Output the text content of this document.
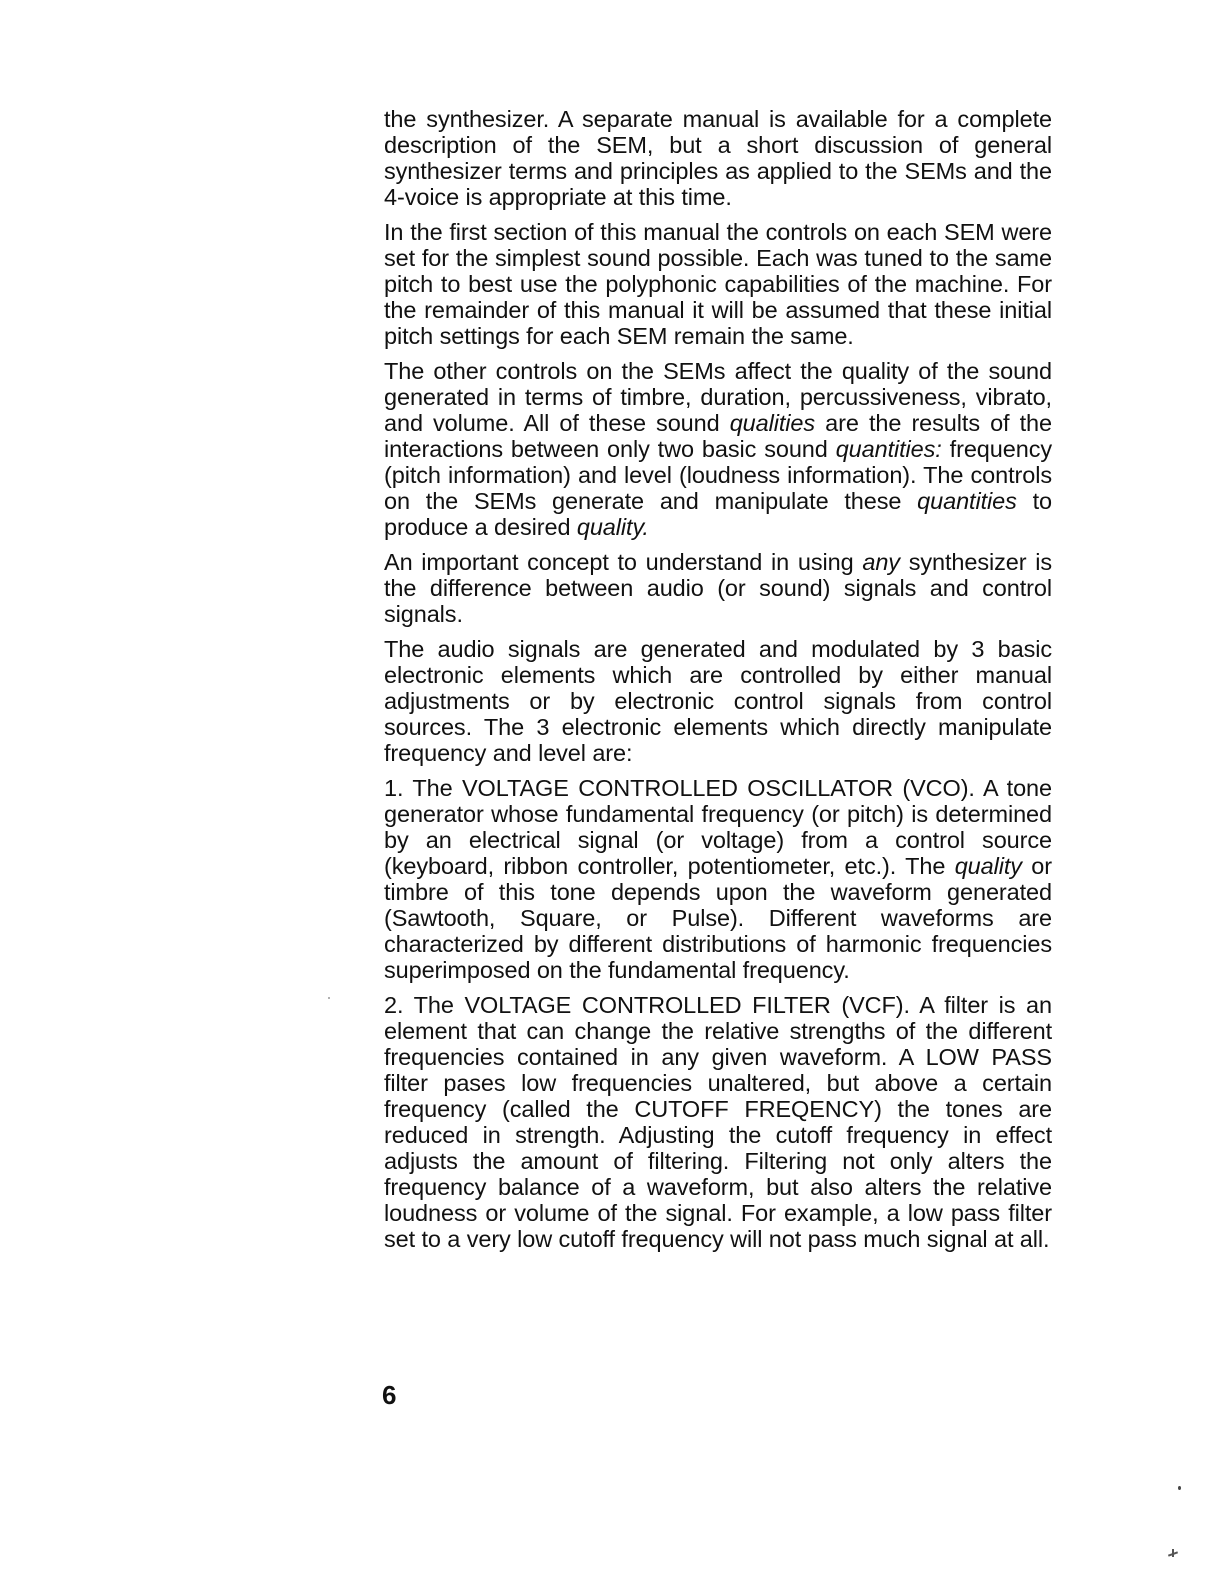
the synthesizer. A separate manual is available for a complete description of the SEM, but a short discussion of general synthesizer terms and principles as applied to the SEMs and the 4-voice is appropriate at this time.

In the first section of this manual the controls on each SEM were set for the simplest sound possible. Each was tuned to the same pitch to best use the polyphonic capabilities of the machine. For the remainder of this manual it will be assumed that these initial pitch settings for each SEM remain the same.

The other controls on the SEMs affect the quality of the sound generated in terms of timbre, duration, percussiveness, vibrato, and volume. All of these sound qualities are the results of the interactions between only two basic sound quantities: frequency (pitch information) and level (loudness information). The controls on the SEMs generate and manipulate these quantities to produce a desired quality.

An important concept to understand in using any synthesizer is the difference between audio (or sound) signals and control signals.

The audio signals are generated and modulated by 3 basic electronic elements which are controlled by either manual adjustments or by electronic control signals from control sources. The 3 electronic elements which directly manipulate frequency and level are:

1. The VOLTAGE CONTROLLED OSCILLATOR (VCO). A tone generator whose fundamental frequency (or pitch) is determined by an electrical signal (or voltage) from a control source (keyboard, ribbon controller, potentiometer, etc.). The quality or timbre of this tone depends upon the waveform generated (Sawtooth, Square, or Pulse). Different waveforms are characterized by different distributions of harmonic frequencies superimposed on the fundamental frequency.

2. The VOLTAGE CONTROLLED FILTER (VCF). A filter is an element that can change the relative strengths of the different frequencies contained in any given waveform. A LOW PASS filter pases low frequencies unaltered, but above a certain frequency (called the CUTOFF FREQENCY) the tones are reduced in strength. Adjusting the cutoff frequency in effect adjusts the amount of filtering. Filtering not only alters the frequency balance of a waveform, but also alters the relative loudness or volume of the signal. For example, a low pass filter set to a very low cutoff frequency will not pass much signal at all.

6
